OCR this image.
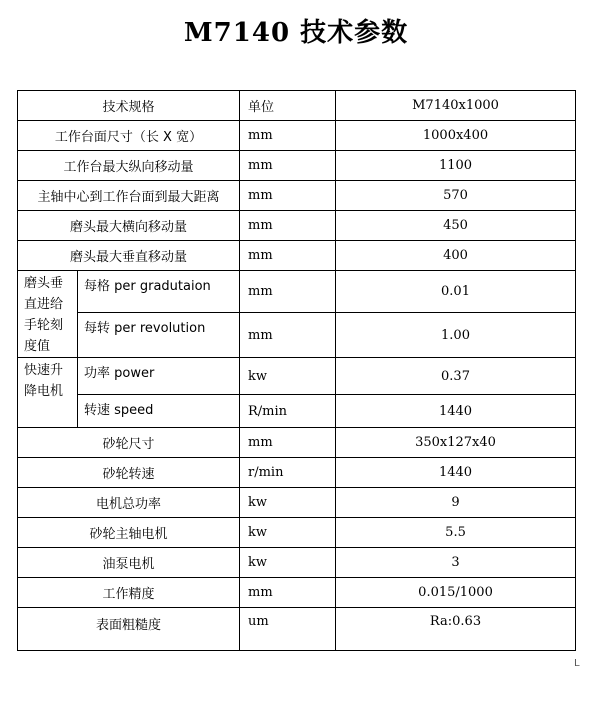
M7140 技术参数
技术规格		单位	M7140x1000
工作台面尺寸（长 X 宽）		mm	1000x400
工作台最大纵向移动量		mm	1100
主轴中心到工作台面到最大距离		mm	570
磨头最大横向移动量		mm	450
磨头最大垂直移动量		mm	400
磨头垂直进给手轮刻度值	每格 per gradutaion	mm	0.01
	每转 per revolution	mm	1.00
快速升降电机	功率 power	kw	0.37
	转速 speed	R/min	1440
砂轮尺寸		mm	350x127x40
砂轮转速		r/min	1440
电机总功率		kw	9
砂轮主轴电机		kw	5.5
油泵电机		kw	3
工作精度		mm	0.015/1000
表面粗糙度		um	Ra:0.63
L
